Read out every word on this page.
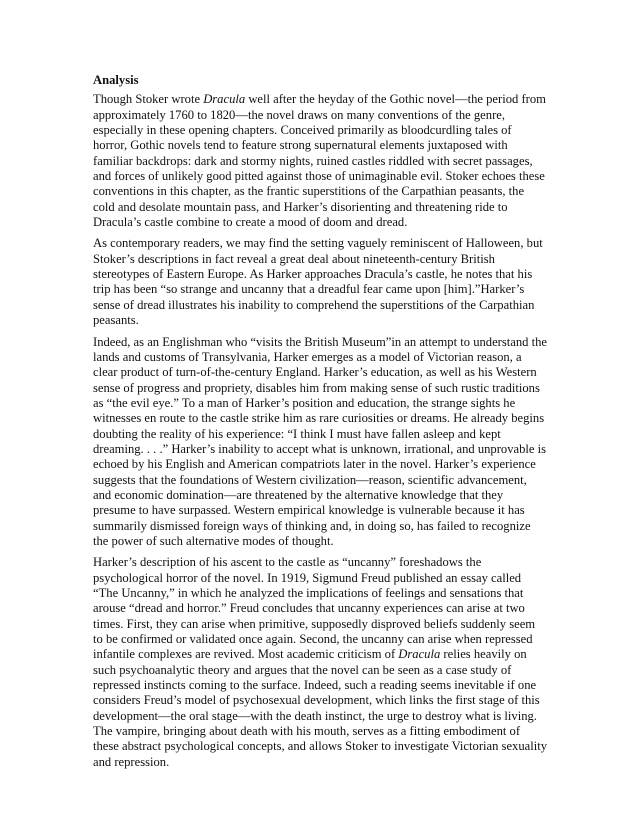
Analysis

Though Stoker wrote Dracula well after the heyday of the Gothic novel—the period from approximately 1760 to 1820—the novel draws on many conventions of the genre, especially in these opening chapters. Conceived primarily as bloodcurdling tales of horror, Gothic novels tend to feature strong supernatural elements juxtaposed with familiar backdrops: dark and stormy nights, ruined castles riddled with secret passages, and forces of unlikely good pitted against those of unimaginable evil. Stoker echoes these conventions in this chapter, as the frantic superstitions of the Carpathian peasants, the cold and desolate mountain pass, and Harker’s disorienting and threatening ride to Dracula’s castle combine to create a mood of doom and dread.

As contemporary readers, we may find the setting vaguely reminiscent of Halloween, but Stoker’s descriptions in fact reveal a great deal about nineteenth-century British stereotypes of Eastern Europe. As Harker approaches Dracula’s castle, he notes that his trip has been “so strange and uncanny that a dreadful fear came upon [him].”Harker’s sense of dread illustrates his inability to comprehend the superstitions of the Carpathian peasants.

Indeed, as an Englishman who “visits the British Museum”in an attempt to understand the lands and customs of Transylvania, Harker emerges as a model of Victorian reason, a clear product of turn-of-the-century England. Harker’s education, as well as his Western sense of progress and propriety, disables him from making sense of such rustic traditions as “the evil eye.” To a man of Harker’s position and education, the strange sights he witnesses en route to the castle strike him as rare curiosities or dreams. He already begins doubting the reality of his experience: “I think I must have fallen asleep and kept dreaming. . . .” Harker’s inability to accept what is unknown, irrational, and unprovable is echoed by his English and American compatriots later in the novel. Harker’s experience suggests that the foundations of Western civilization—reason, scientific advancement, and economic domination—are threatened by the alternative knowledge that they presume to have surpassed. Western empirical knowledge is vulnerable because it has summarily dismissed foreign ways of thinking and, in doing so, has failed to recognize the power of such alternative modes of thought.

Harker’s description of his ascent to the castle as “uncanny” foreshadows the psychological horror of the novel. In 1919, Sigmund Freud published an essay called “The Uncanny,” in which he analyzed the implications of feelings and sensations that arouse “dread and horror.” Freud concludes that uncanny experiences can arise at two times. First, they can arise when primitive, supposedly disproved beliefs suddenly seem to be confirmed or validated once again. Second, the uncanny can arise when repressed infantile complexes are revived. Most academic criticism of Dracula relies heavily on such psychoanalytic theory and argues that the novel can be seen as a case study of repressed instincts coming to the surface. Indeed, such a reading seems inevitable if one considers Freud’s model of psychosexual development, which links the first stage of this development—the oral stage—with the death instinct, the urge to destroy what is living. The vampire, bringing about death with his mouth, serves as a fitting embodiment of these abstract psychological concepts, and allows Stoker to investigate Victorian sexuality and repression.
